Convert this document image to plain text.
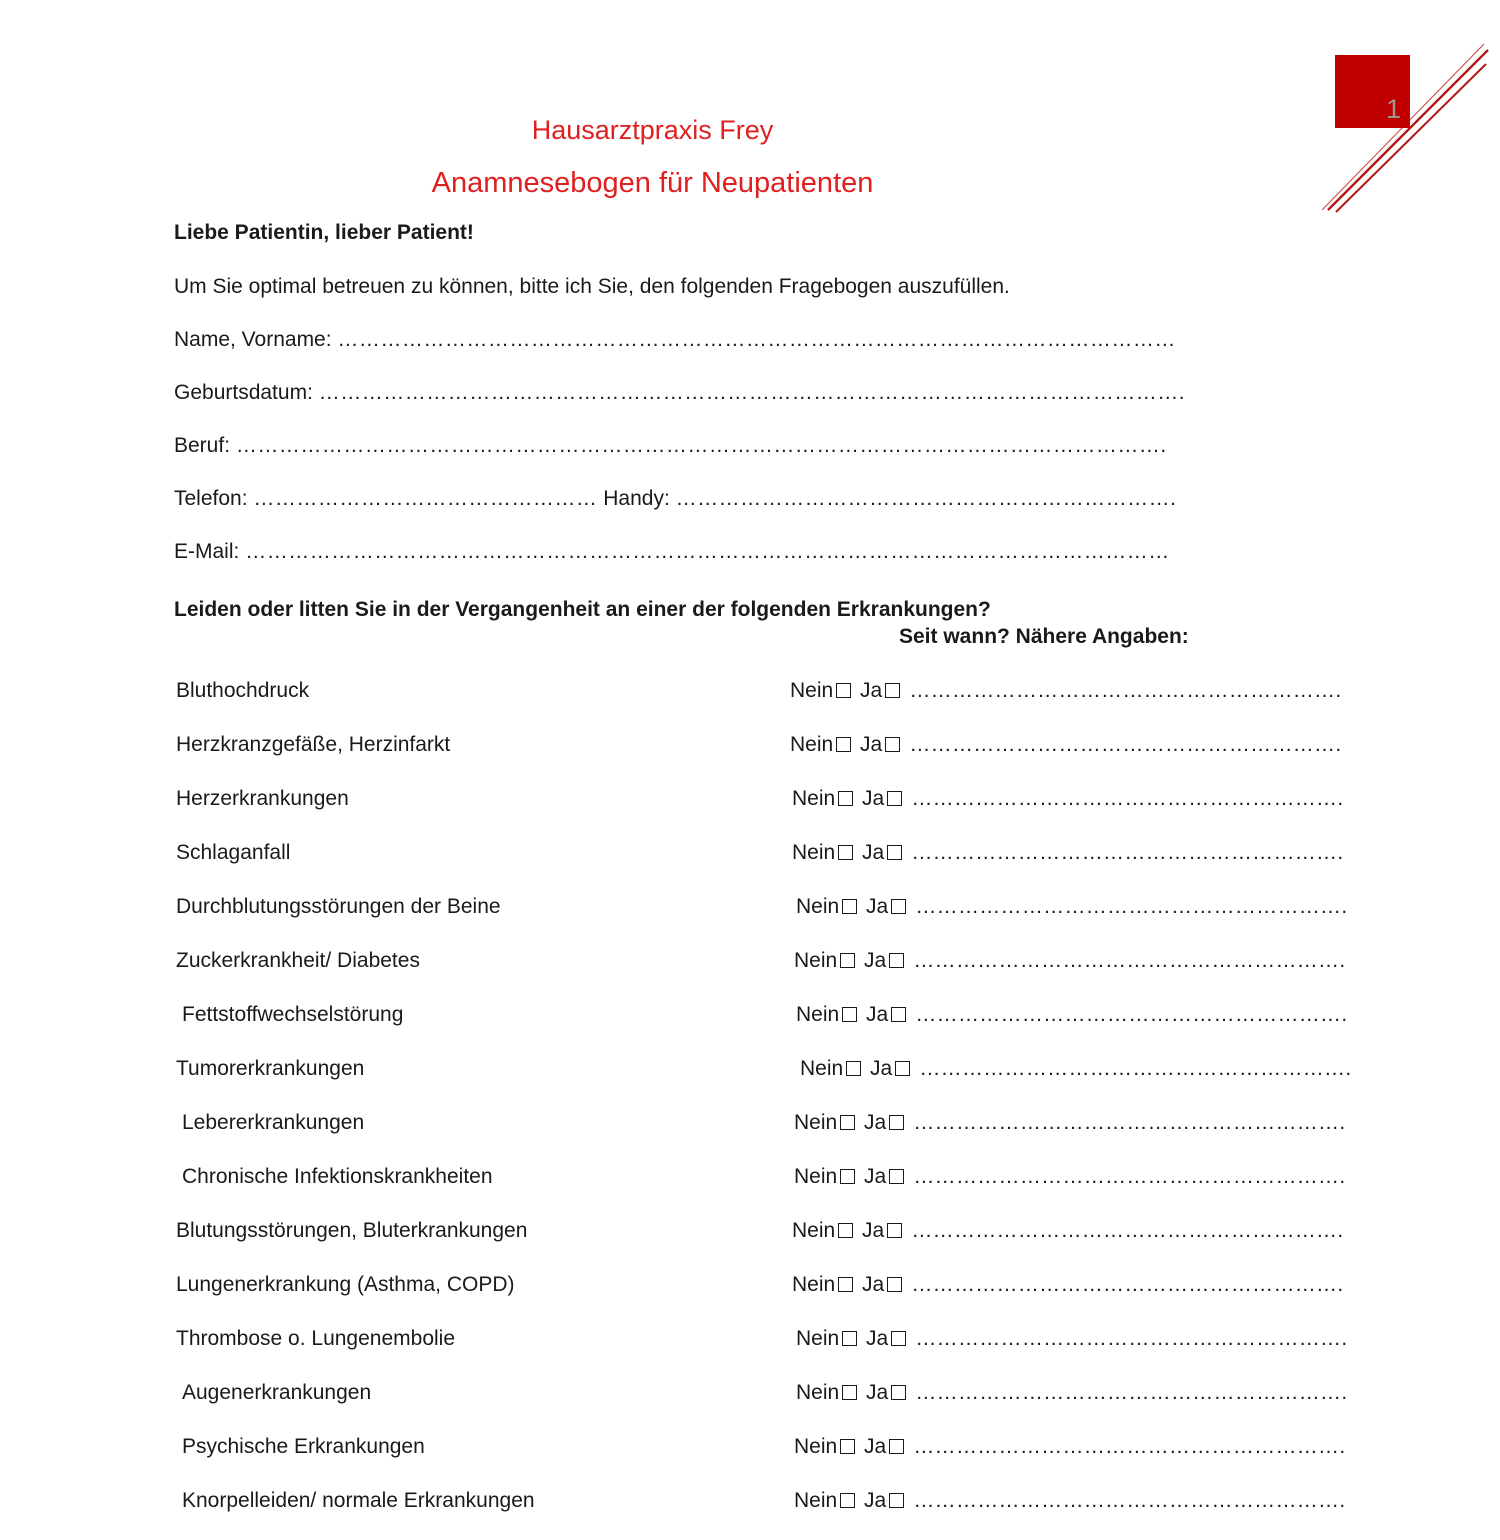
1
Hausarztpraxis Frey
Anamnesebogen für Neupatienten

Liebe Patientin, lieber Patient!

Um Sie optimal betreuen zu können, bitte ich Sie, den folgenden Fragebogen auszufüllen.

Name, Vorname: ………………………………………………………………………………………………………
Geburtsdatum: ………………………………………………………………………………………………………….
Beruf: ………………………………………………………………………………………………………………….
Telefon: ………………………………………… Handy: …………………………………………………………….
E-Mail: …………………………………………………………………………………………………………………

Leiden oder litten Sie in der Vergangenheit an einer der folgenden Erkrankungen?

Seit wann? Nähere Angaben:
Bluthochdruck	Nein Ja …………………………………………………….
Herzkranzgefäße, Herzinfarkt	Nein Ja …………………………………………………….
Herzerkrankungen	Nein Ja …………………………………………………….
Schlaganfall	Nein Ja …………………………………………………….
Durchblutungsstörungen der Beine	Nein Ja …………………………………………………….
Zuckerkrankheit/ Diabetes	Nein Ja …………………………………………………….
Fettstoffwechselstörung	Nein Ja …………………………………………………….
Tumorerkrankungen	Nein Ja …………………………………………………….
Lebererkrankungen	Nein Ja …………………………………………………….
Chronische Infektionskrankheiten	Nein Ja …………………………………………………….
Blutungsstörungen, Bluterkrankungen	Nein Ja …………………………………………………….
Lungenerkrankung (Asthma, COPD)	Nein Ja …………………………………………………….
Thrombose o. Lungenembolie	Nein Ja …………………………………………………….
Augenerkrankungen	Nein Ja …………………………………………………….
Psychische Erkrankungen	Nein Ja …………………………………………………….
Knorpelleiden/ normale Erkrankungen	Nein Ja …………………………………………………….
